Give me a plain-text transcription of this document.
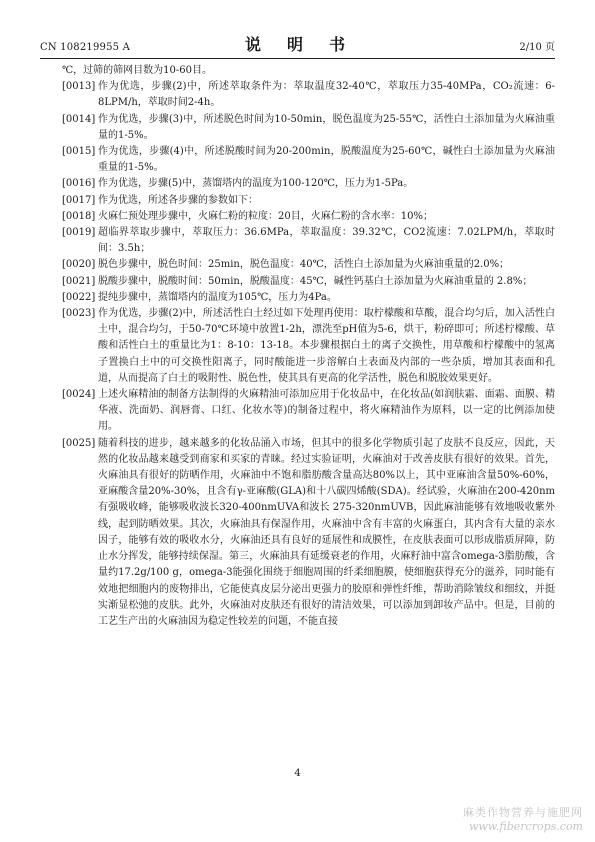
CN 108219955 A	说　明　书	2/10 页

℃，过筛的筛网目数为10-60目。

[0013] 作为优选，步骤(2)中，所述萃取条件为：萃取温度32-40℃，萃取压力35-40MPa，CO₂流速：6-8LPM/h，萃取时间2-4h。

[0014] 作为优选，步骤(3)中，所述脱色时间为10-50min，脱色温度为25-55℃，活性白土添加量为火麻油重量的1-5%。

[0015] 作为优选，步骤(4)中，所述脱酸时间为20-200min，脱酸温度为25-60℃，碱性白土添加量为火麻油重量的1-5%。

[0016] 作为优选，步骤(5)中，蒸馏塔内的温度为100-120℃，压力为1-5Pa。

[0017] 作为优选，所述各步骤的参数如下：

[0018] 火麻仁预处理步骤中，火麻仁粉的粒度：20目，火麻仁粉的含水率：10%；

[0019] 超临界萃取步骤中，萃取压力：36.6MPa，萃取温度：39.32℃，CO2流速：7.02LPM/h，萃取时间：3.5h；

[0020] 脱色步骤中，脱色时间：25min，脱色温度：40℃，活性白土添加量为火麻油重量的2.0%；

[0021] 脱酸步骤中，脱酸时间：50min，脱酸温度：45℃，碱性钙基白土添加量为火麻油重量的 2.8%；

[0022] 提纯步骤中，蒸馏塔内的温度为105℃，压力为4Pa。

[0023] 作为优选，步骤(2)中，所述活性白土经过如下处理再使用：取柠檬酸和草酸，混合均匀后，加入活性白土中，混合均匀，于50-70℃环境中放置1-2h，漂洗至pH值为5-6，烘干，粉碎即可；所述柠檬酸、草酸和活性白土的重量比为1：8-10：13-18。本步骤根据白土的离子交换性，用草酸和柠檬酸中的氢离子置换白土中的可交换性阳离子，同时酸能进一步溶解白土表面及内部的一些杂质，增加其表面和孔道，从而提高了白土的吸附性、脱色性，使其具有更高的化学活性，脱色和脱胶效果更好。

[0024] 上述火麻精油的制备方法制得的火麻精油可添加应用于化妆品中，在化妆品(如润肤霜、面霜、面膜、精华液、洗面奶、润唇膏、口红、化妆水等)的制备过程中，将火麻精油作为原料，以一定的比例添加使用。

[0025] 随着科技的进步，越来越多的化妆品涌入市场，但其中的很多化学物质引起了皮肤不良反应，因此，天然的化妆品越来越受到商家和买家的青睐。经过实验证明，火麻油对于改善皮肤有很好的效果。首先，火麻油具有很好的防晒作用，火麻油中不饱和脂肪酸含量高达80%以上，其中亚麻油含量50%-60%，亚麻酸含量20%-30%，且含有γ-亚麻酸(GLA)和十八碳四烯酸(SDA)。经试验，火麻油在200-420nm有强吸收峰，能够吸收波长320-400nmUVA和波长 275-320nmUVB，因此麻油能够有效地吸收紫外线，起到防晒效果。其次，火麻油具有保湿作用，火麻油中含有丰富的火麻蛋白，其内含有大量的亲水因子，能够有效的吸收水分，火麻油还具有良好的延展性和成膜性，在皮肤表面可以形成脂质屏障，防止水分挥发，能够持续保湿。第三，火麻油具有延缓衰老的作用，火麻籽油中富含omega-3脂肪酸，含量约17.2g/100 g，omega-3能强化围绕于细胞周围的纤柔细胞膜，使细胞获得充分的滋养，同时能有效地把细胞内的废物排出，它能使真皮层分泌出更强力的胶原和弹性纤维，帮助消除皱纹和细纹，并挺实渐显松弛的皮肤。此外，火麻油对皮肤还有很好的清洁效果，可以添加到卸妆产品中。但是，目前的工艺生产出的火麻油因为稳定性较差的问题，不能直接

4
麻类作物营养与施肥网
www.fibercrops.com
